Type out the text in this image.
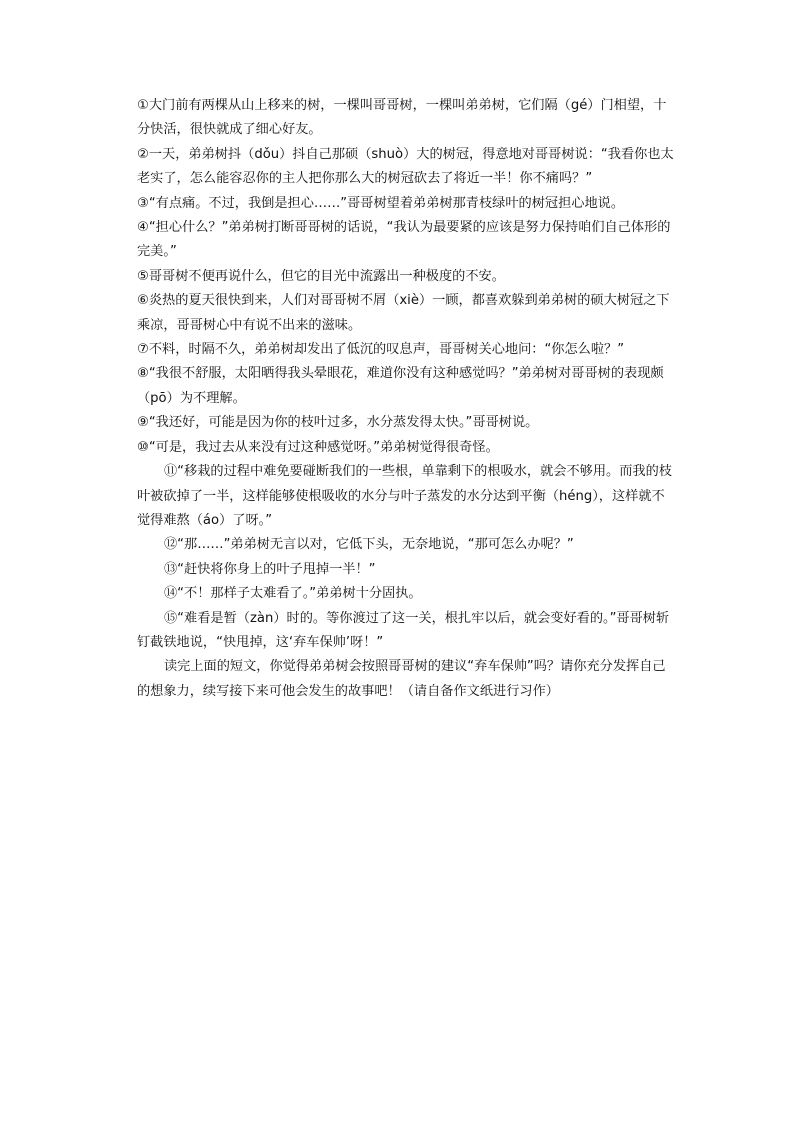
①大门前有两棵从山上移来的树，一棵叫哥哥树，一棵叫弟弟树，它们隔（gé）门相望，十分快活，很快就成了细心好友。

②一天，弟弟树抖（dǒu）抖自己那硕（shuò）大的树冠，得意地对哥哥树说：“我看你也太老实了，怎么能容忍你的主人把你那么大的树冠砍去了将近一半！你不痛吗？”

③“有点痛。不过，我倒是担心……”哥哥树望着弟弟树那青枝绿叶的树冠担心地说。

④“担心什么？”弟弟树打断哥哥树的话说，“我认为最要紧的应该是努力保持咱们自己体形的完美。”

⑤哥哥树不便再说什么，但它的目光中流露出一种极度的不安。

⑥炎热的夏天很快到来，人们对哥哥树不屑（xiè）一顾，都喜欢躲到弟弟树的硕大树冠之下乘凉，哥哥树心中有说不出来的滋味。

⑦不料，时隔不久，弟弟树却发出了低沉的叹息声，哥哥树关心地问：“你怎么啦？”

⑧“我很不舒服，太阳晒得我头晕眼花，难道你没有这种感觉吗？”弟弟树对哥哥树的表现颇（pō）为不理解。

⑨“我还好，可能是因为你的枝叶过多，水分蒸发得太快。”哥哥树说。

⑩“可是，我过去从来没有过这种感觉呀。”弟弟树觉得很奇怪。

⑪“移栽的过程中难免要碰断我们的一些根，单靠剩下的根吸水，就会不够用。而我的枝叶被砍掉了一半，这样能够使根吸收的水分与叶子蒸发的水分达到平衡（héng），这样就不觉得难熬（áo）了呀。”

⑫“那……”弟弟树无言以对，它低下头，无奈地说，“那可怎么办呢？”

⑬“赶快将你身上的叶子甩掉一半！”

⑭“不！那样子太难看了。”弟弟树十分固执。

⑮“难看是暂（zàn）时的。等你渡过了这一关，根扎牢以后，就会变好看的。”哥哥树斩钉截铁地说，“快甩掉，这‘弃车保帅’呀！”

读完上面的短文，你觉得弟弟树会按照哥哥树的建议“弃车保帅”吗？请你充分发挥自己的想象力，续写接下来可他会发生的故事吧！（请自备作文纸进行习作）
